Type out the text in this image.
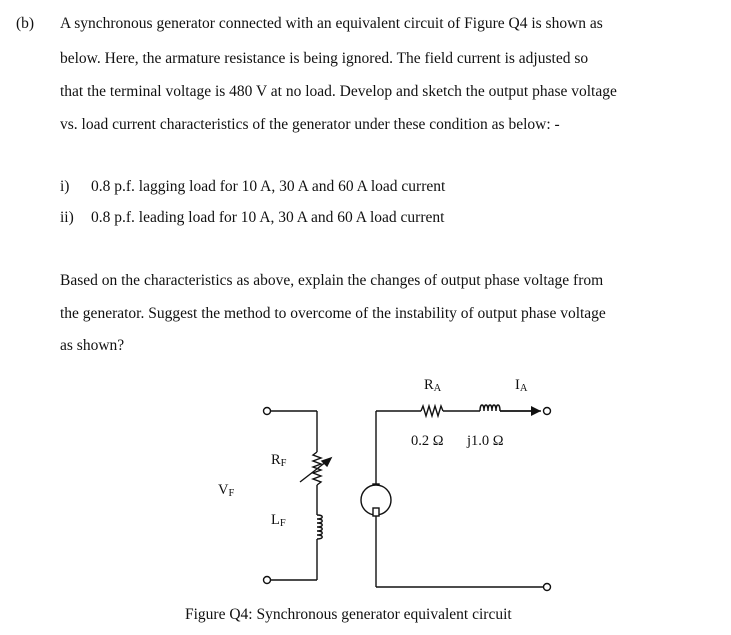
(b) A synchronous generator connected with an equivalent circuit of Figure Q4 is shown as
below. Here, the armature resistance is being ignored. The field current is adjusted so
that the terminal voltage is 480 V at no load. Develop and sketch the output phase voltage
vs. load current characteristics of the generator under these condition as below: -
i) 0.8 p.f. lagging load for 10 A, 30 A and 60 A load current
ii) 0.8 p.f. leading load for 10 A, 30 A and 60 A load current
Based on the characteristics as above, explain the changes of output phase voltage from
the generator. Suggest the method to overcome of the instability of output phase voltage
as shown?
RA	IA
0.2 Ω j1.0 Ω
RF
VF
LF
Figure Q4: Synchronous generator equivalent circuit
